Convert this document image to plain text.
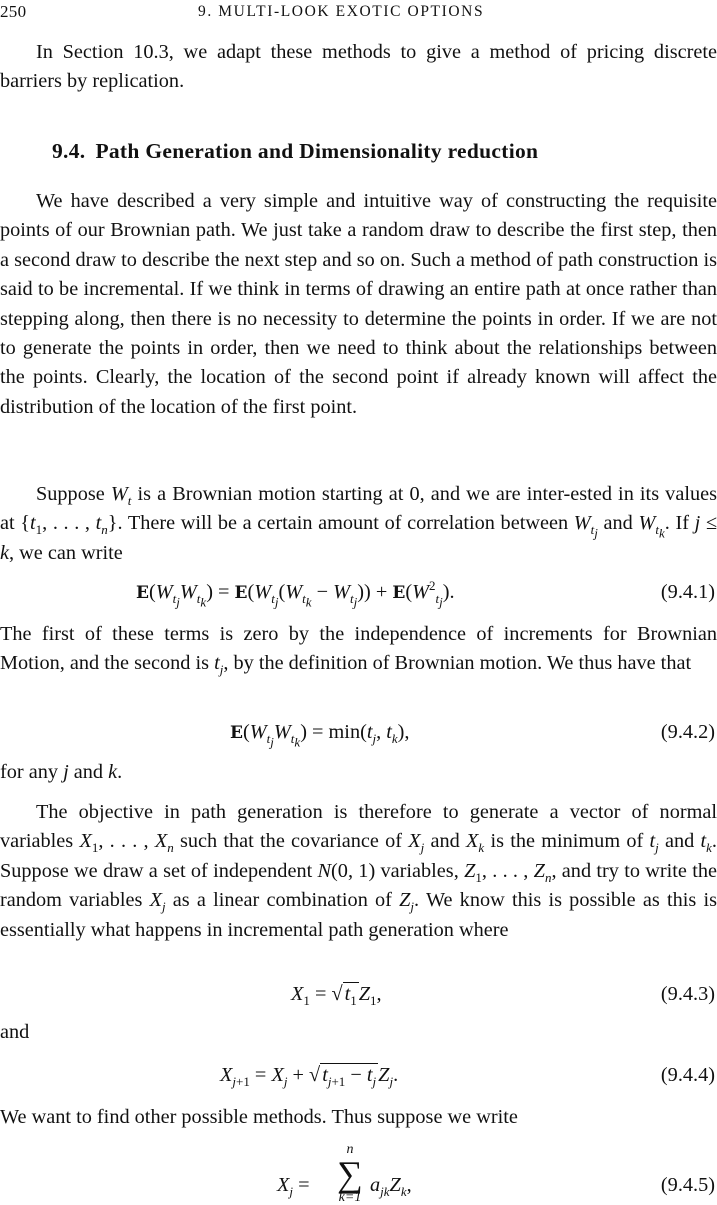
250	9. MULTI-LOOK EXOTIC OPTIONS
In Section 10.3, we adapt these methods to give a method of pricing discrete barriers by replication.
9.4. Path Generation and Dimensionality reduction
We have described a very simple and intuitive way of constructing the requisite points of our Brownian path. We just take a random draw to describe the first step, then a second draw to describe the next step and so on. Such a method of path construction is said to be incremental. If we think in terms of drawing an entire path at once rather than stepping along, then there is no necessity to determine the points in order. If we are not to generate the points in order, then we need to think about the relationships between the points. Clearly, the location of the second point if already known will affect the distribution of the location of the first point.
Suppose $W_t$ is a Brownian motion starting at 0, and we are inter-ested in its values at {$t_1$, . . . , $t_n$}. There will be a certain amount of correlation between $W_{t_j}$ and $W_{t_k}$. If j ≤ k, we can write
$E(W_{t_j}W_{t_k}) = E(W_{t_j}(W_{t_k} - W_{t_j})) + E(W^2_{t_j})$.	(9.4.1)
The first of these terms is zero by the independence of increments for Brownian Motion, and the second is $t_j$, by the definition of Brownian motion. We thus have that
$E(W_{t_j}W_{t_k}) = \min(t_j$, $t_k$),	(9.4.2)
for any j and k.
The objective in path generation is therefore to generate a vector of normal variables $X_1$, . . . , $X_n$ such that the covariance of $X_j$ and $X_k$ is the minimum of $t_j$ and $t_k$. Suppose we draw a set of independent N(0, 1) variables, $Z_1$, . . . , $Z_n$, and try to write the random variables $X_j$ as a linear combination of $Z_j$. We know this is possible as this is essentially what happens in incremental path generation where
$X_1 = √t_1Z_1$,	(9.4.3)
and
$X_{j+1} = X_j + √t_{j+1} - t_jZ_j$.	(9.4.4)
We want to find other possible methods. Thus suppose we write
$X_j$ =
n
∑
k=1
$a_{jk}Z_k$,	(9.4.5)
